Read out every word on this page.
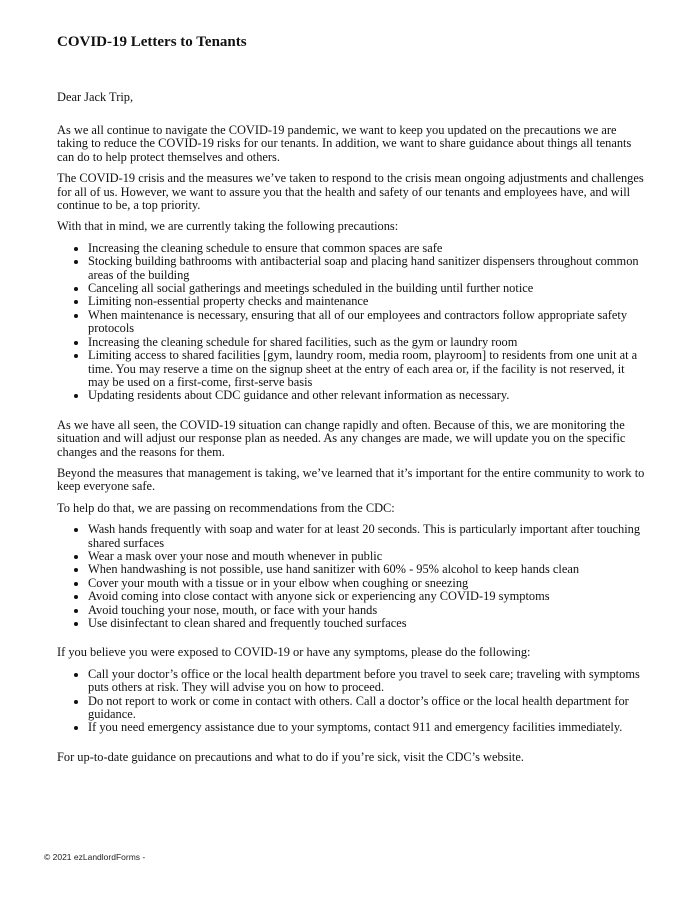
COVID-19 Letters to Tenants

Dear Jack Trip,

As we all continue to navigate the COVID-19 pandemic, we want to keep you updated on the precautions we are taking to reduce the COVID-19 risks for our tenants. In addition, we want to share guidance about things all tenants can do to help protect themselves and others.

The COVID-19 crisis and the measures we’ve taken to respond to the crisis mean ongoing adjustments and challenges for all of us. However, we want to assure you that the health and safety of our tenants and employees have, and will continue to be, a top priority.

With that in mind, we are currently taking the following precautions:

• Increasing the cleaning schedule to ensure that common spaces are safe
• Stocking building bathrooms with antibacterial soap and placing hand sanitizer dispensers throughout common areas of the building
• Canceling all social gatherings and meetings scheduled in the building until further notice
• Limiting non-essential property checks and maintenance
• When maintenance is necessary, ensuring that all of our employees and contractors follow appropriate safety protocols
• Increasing the cleaning schedule for shared facilities, such as the gym or laundry room
• Limiting access to shared facilities [gym, laundry room, media room, playroom] to residents from one unit at a time. You may reserve a time on the signup sheet at the entry of each area or, if the facility is not reserved, it may be used on a first-come, first-serve basis
• Updating residents about CDC guidance and other relevant information as necessary.

As we have all seen, the COVID-19 situation can change rapidly and often. Because of this, we are monitoring the situation and will adjust our response plan as needed. As any changes are made, we will update you on the specific changes and the reasons for them.

Beyond the measures that management is taking, we’ve learned that it’s important for the entire community to work to keep everyone safe.

To help do that, we are passing on recommendations from the CDC:

• Wash hands frequently with soap and water for at least 20 seconds. This is particularly important after touching shared surfaces
• Wear a mask over your nose and mouth whenever in public
• When handwashing is not possible, use hand sanitizer with 60% - 95% alcohol to keep hands clean
• Cover your mouth with a tissue or in your elbow when coughing or sneezing
• Avoid coming into close contact with anyone sick or experiencing any COVID-19 symptoms
• Avoid touching your nose, mouth, or face with your hands
• Use disinfectant to clean shared and frequently touched surfaces

If you believe you were exposed to COVID-19 or have any symptoms, please do the following:

• Call your doctor’s office or the local health department before you travel to seek care; traveling with symptoms puts others at risk. They will advise you on how to proceed.
• Do not report to work or come in contact with others. Call a doctor’s office or the local health department for guidance.
• If you need emergency assistance due to your symptoms, contact 911 and emergency facilities immediately.

For up-to-date guidance on precautions and what to do if you’re sick, visit the CDC’s website.

© 2021 ezLandlordForms -
